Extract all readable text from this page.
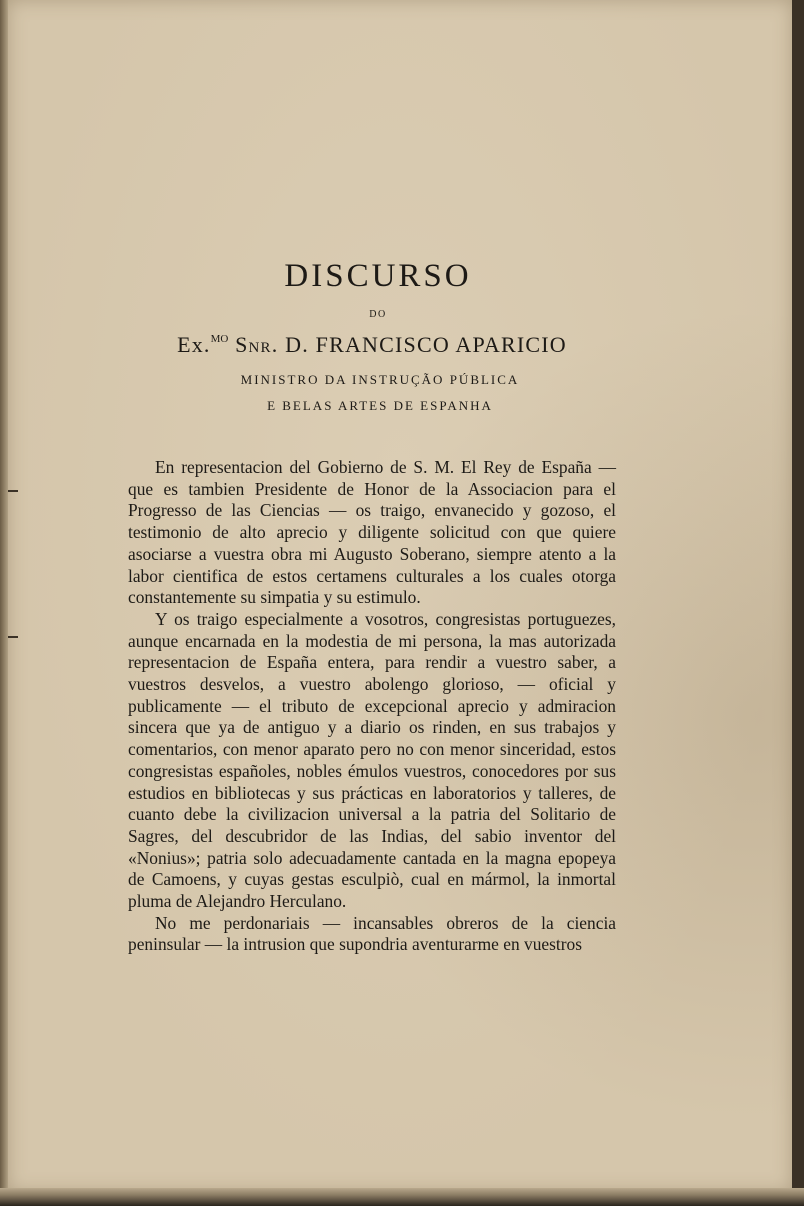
DISCURSO
DO
Ex.$^{MO}$ Snr. D. FRANCISCO APARICIO
MINISTRO DA INSTRUÇÃO PÚBLICA
E BELAS ARTES DE ESPANHA

En representacion del Gobierno de S. M. El Rey de España — que es tambien Presidente de Honor de la Associacion para el Progresso de las Ciencias — os traigo, envanecido y gozoso, el testimonio de alto aprecio y diligente solicitud con que quiere asociarse a vuestra obra mi Augusto Soberano, siempre atento a la labor cientifica de estos certamens culturales a los cuales otorga constantemente su simpatia y su estimulo.

Y os traigo especialmente a vosotros, congresistas portuguezes, aunque encarnada en la modestia de mi persona, la mas autorizada representacion de España entera, para rendir a vuestro saber, a vuestros desvelos, a vuestro abolengo glorioso, — oficial y publicamente — el tributo de excepcional aprecio y admiracion sincera que ya de antiguo y a diario os rinden, en sus trabajos y comentarios, con menor aparato pero no con menor sinceridad, estos congresistas españoles, nobles émulos vuestros, conocedores por sus estudios en bibliotecas y sus prácticas en laboratorios y talleres, de cuanto debe la civilizacion universal a la patria del Solitario de Sagres, del descubridor de las Indias, del sabio inventor del «Nonius»; patria solo adecuadamente cantada en la magna epopeya de Camoens, y cuyas gestas esculpiò, cual en mármol, la inmortal pluma de Alejandro Herculano.

No me perdonariais — incansables obreros de la ciencia peninsular — la intrusion que supondria aventurarme en vuestros
